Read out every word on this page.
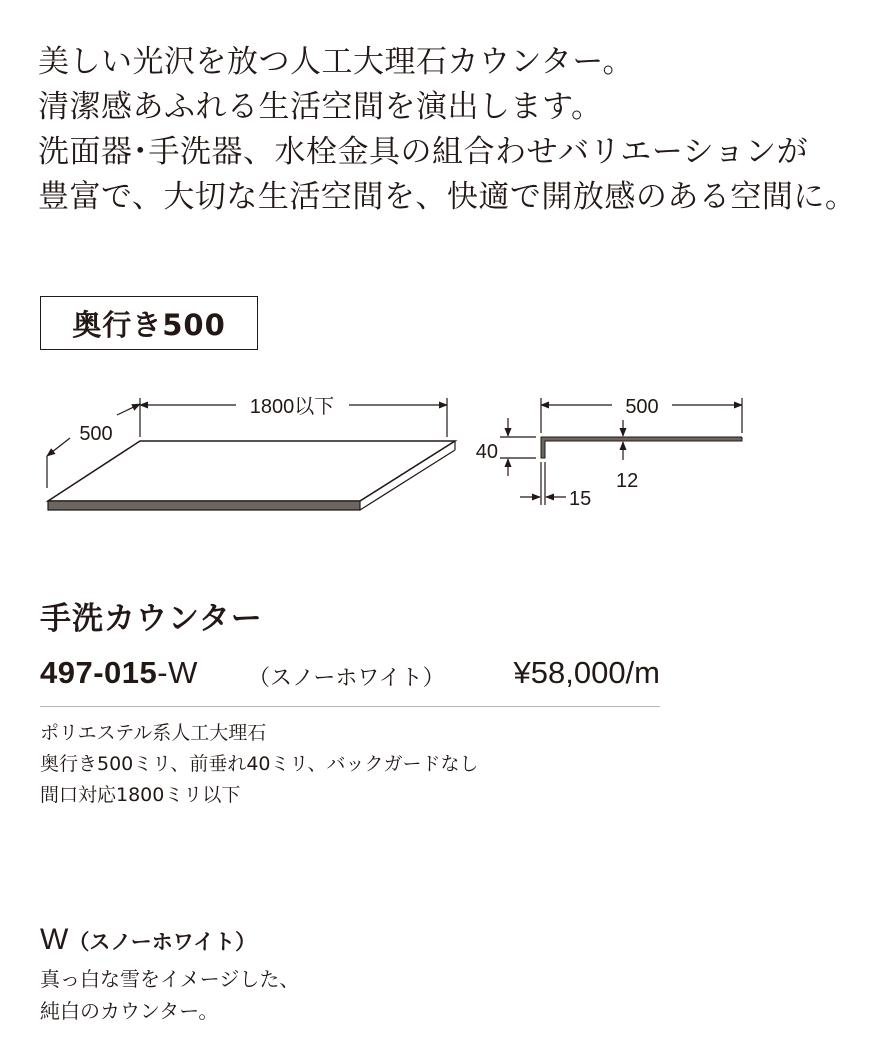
美しい光沢を放つ人工大理石カウンター。
清潔感あふれる生活空間を演出します。
洗面器･手洗器、水栓金具の組合わせバリエーションが
豊富で、大切な生活空間を、快適で開放感のある空間に。
奥行き500
1800以下
500
500
40
12
15
手洗カウンター
497-015-W （スノーホワイト） ¥58,000/m
ポリエステル系人工大理石
奥行き500ミリ、前垂れ40ミリ、バックガードなし
間口対応1800ミリ以下
W（スノーホワイト）
真っ白な雪をイメージした、
純白のカウンター。
